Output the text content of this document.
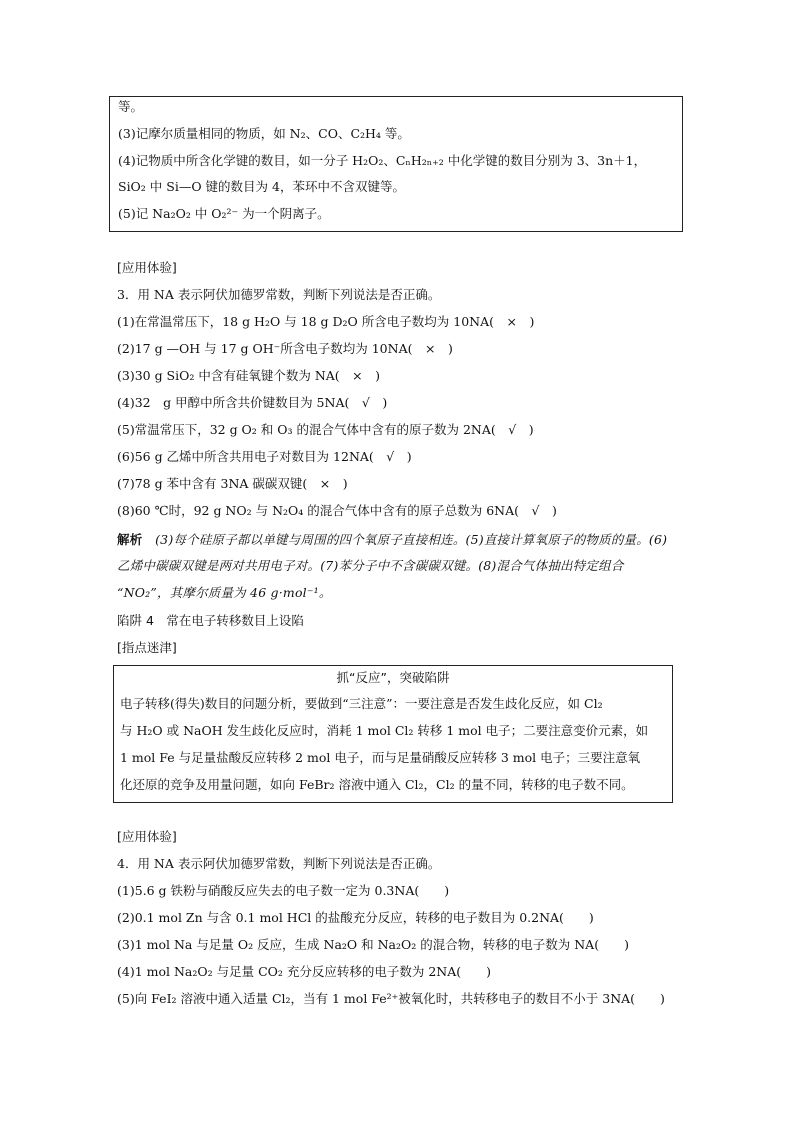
等。
(3)记摩尔质量相同的物质，如 N₂、CO、C₂H₄ 等。
(4)记物质中所含化学键的数目，如一分子 H₂O₂、CₙH₂ₙ₊₂ 中化学键的数目分别为 3、3n＋1，
SiO₂ 中 Si—O 键的数目为 4，苯环中不含双键等。
(5)记 Na₂O₂ 中 O₂²⁻ 为一个阴离子。
[应用体验]
3．用 NA 表示阿伏加德罗常数，判断下列说法是否正确。
(1)在常温常压下，18 g H₂O 与 18 g D₂O 所含电子数均为 10NA(　×　)
(2)17 g —OH 与 17 g OH⁻所含电子数均为 10NA(　×　)
(3)30 g SiO₂ 中含有硅氧键个数为 NA(　×　)
(4)32　g 甲醇中所含共价键数目为 5NA(　√　)
(5)常温常压下，32 g O₂ 和 O₃ 的混合气体中含有的原子数为 2NA(　√　)
(6)56 g 乙烯中所含共用电子对数目为 12NA(　√　)
(7)78 g 苯中含有 3NA 碳碳双键(　×　)
(8)60 ℃时，92 g NO₂ 与 N₂O₄ 的混合气体中含有的原子总数为 6NA(　√　)
解析　(3)每个硅原子都以单键与周围的四个氧原子直接相连。(5)直接计算氧原子的物质的量。(6)
乙烯中碳碳双键是两对共用电子对。(7)苯分子中不含碳碳双键。(8)混合气体抽出特定组合
“NO₂”，其摩尔质量为 46 g·mol⁻¹。
陷阱 4　常在电子转移数目上设陷
[指点迷津]
抓“反应”，突破陷阱
电子转移(得失)数目的问题分析，要做到“三注意”：一要注意是否发生歧化反应，如 Cl₂
与 H₂O 或 NaOH 发生歧化反应时，消耗 1 mol Cl₂ 转移 1 mol 电子；二要注意变价元素，如
1 mol Fe 与足量盐酸反应转移 2 mol 电子，而与足量硝酸反应转移 3 mol 电子；三要注意氧
化还原的竞争及用量问题，如向 FeBr₂ 溶液中通入 Cl₂，Cl₂ 的量不同，转移的电子数不同。
[应用体验]
4．用 NA 表示阿伏加德罗常数，判断下列说法是否正确。
(1)5.6 g 铁粉与硝酸反应失去的电子数一定为 0.3NA(　　)
(2)0.1 mol Zn 与含 0.1 mol HCl 的盐酸充分反应，转移的电子数目为 0.2NA(　　)
(3)1 mol Na 与足量 O₂ 反应，生成 Na₂O 和 Na₂O₂ 的混合物，转移的电子数为 NA(　　)
(4)1 mol Na₂O₂ 与足量 CO₂ 充分反应转移的电子数为 2NA(　　)
(5)向 FeI₂ 溶液中通入适量 Cl₂，当有 1 mol Fe²⁺被氧化时，共转移电子的数目不小于 3NA(　　)
